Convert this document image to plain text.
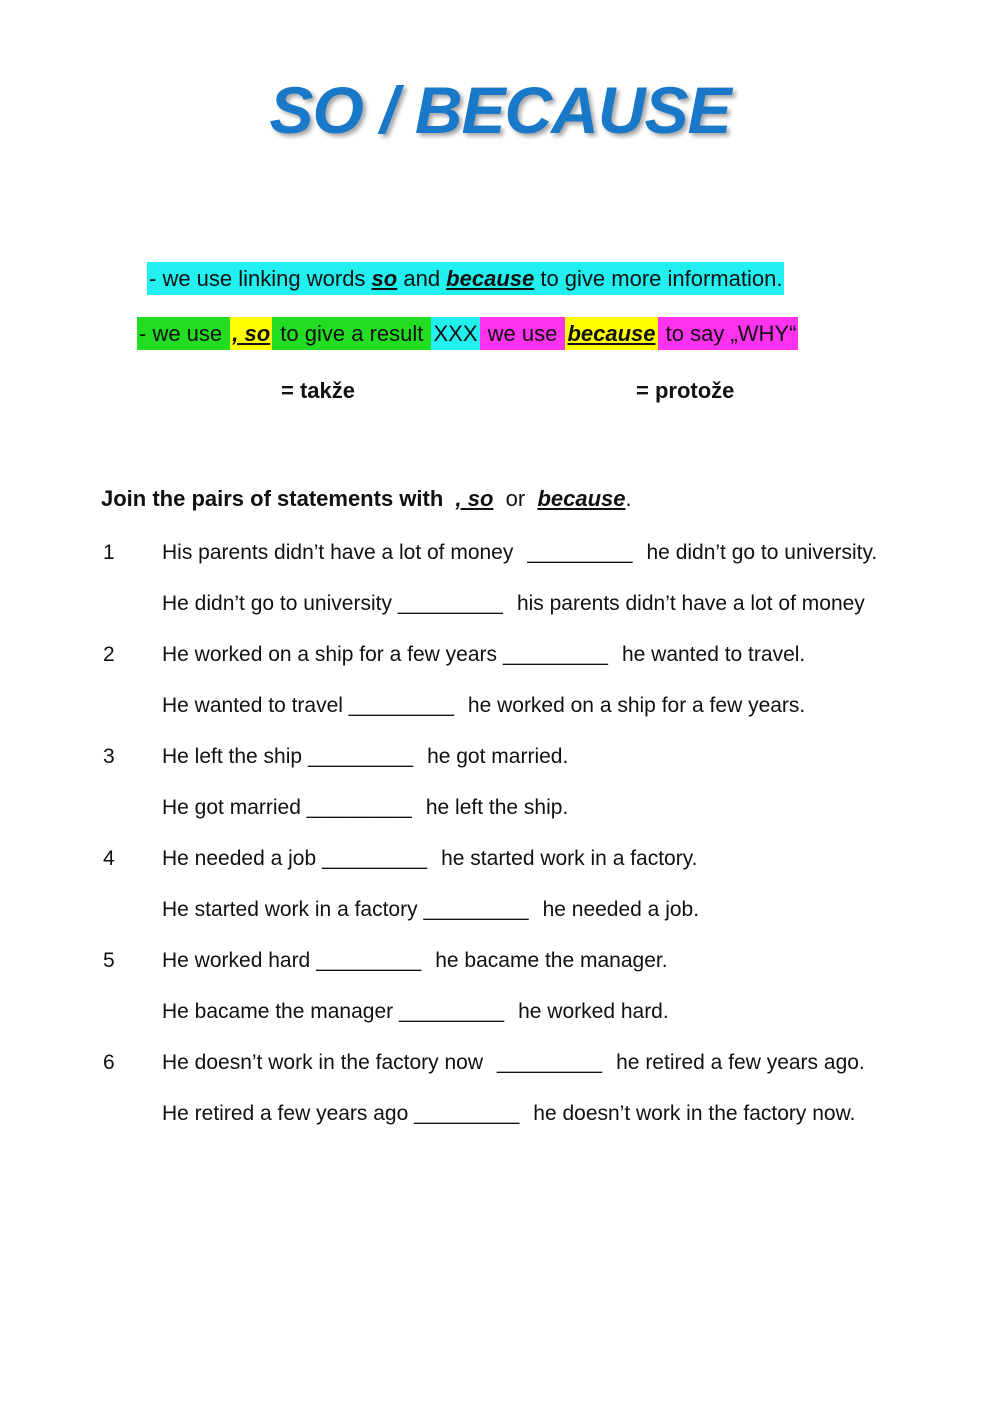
SO / BECAUSE
- we use linking words so and because to give more information.
- we use , so to give a result XXX we use because to say „WHY“
= takže	= protože
Join the pairs of statements with , so or because.
1 His parents didn’t have a lot of money _________ he didn’t go to university.
He didn’t go to university _________ his parents didn’t have a lot of money
2 He worked on a ship for a few years _________ he wanted to travel.
He wanted to travel _________ he worked on a ship for a few years.
3 He left the ship _________ he got married.
He got married _________ he left the ship.
4 He needed a job _________ he started work in a factory.
He started work in a factory _________ he needed a job.
5 He worked hard _________ he bacame the manager.
He bacame the manager _________ he worked hard.
6 He doesn’t work in the factory now _________ he retired a few years ago.
He retired a few years ago _________ he doesn’t work in the factory now.
